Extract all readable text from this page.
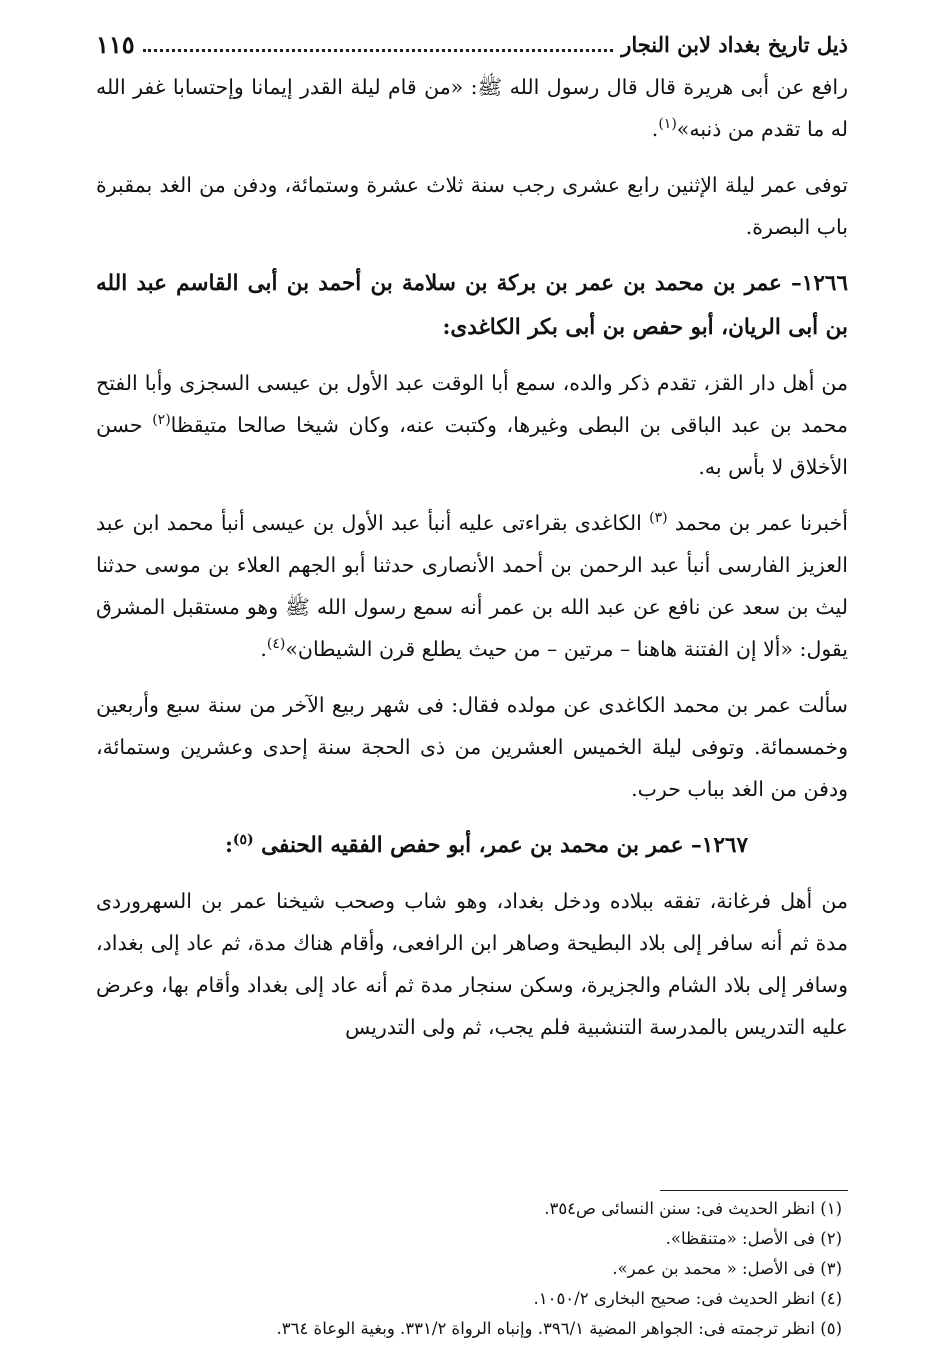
ذيل تاريخ بغداد لابن النجار
١١٥

رافع عن أبى هريرة قال قال رسول الله ﷺ: «من قام ليلة القدر إيمانا وإحتسابا غفر الله له ما تقدم من ذنبه»$^{(١)}$.

توفى عمر ليلة الإثنين رابع عشرى رجب سنة ثلاث عشرة وستمائة، ودفن من الغد بمقبرة باب البصرة.

١٢٦٦– عمر بن محمد بن عمر بن بركة بن سلامة بن أحمد بن أبى القاسم عبد الله بن أبى الريان، أبو حفص بن أبى بكر الكاغدى:

من أهل دار القز، تقدم ذكر والده، سمع أبا الوقت عبد الأول بن عيسى السجزى وأبا الفتح محمد بن عبد الباقى بن البطى وغيرها، وكتبت عنه، وكان شيخا صالحا متيقظا$^{(٢)}$ حسن الأخلاق لا بأس به.

أخبرنا عمر بن محمد $^{(٣)}$ الكاغدى بقراءتى عليه أنبأ عبد الأول بن عيسى أنبأ محمد ابن عبد العزيز الفارسى أنبأ عبد الرحمن بن أحمد الأنصارى حدثنا أبو الجهم العلاء بن موسى حدثنا ليث بن سعد عن نافع عن عبد الله بن عمر أنه سمع رسول الله ﷺ وهو مستقبل المشرق يقول: «ألا إن الفتنة هاهنا – مرتين – من حيث يطلع قرن الشيطان»$^{(٤)}$.

سألت عمر بن محمد الكاغدى عن مولده فقال: فى شهر ربيع الآخر من سنة سبع وأربعين وخمسمائة. وتوفى ليلة الخميس العشرين من ذى الحجة سنة إحدى وعشرين وستمائة، ودفن من الغد بباب حرب.

١٢٦٧– عمر بن محمد بن عمر، أبو حفص الفقيه الحنفى $^{(٥)}$:

من أهل فرغانة، تفقه ببلاده ودخل بغداد، وهو شاب وصحب شيخنا عمر بن السهروردى مدة ثم أنه سافر إلى بلاد البطيحة وصاهر ابن الرافعى، وأقام هناك مدة، ثم عاد إلى بغداد، وسافر إلى بلاد الشام والجزيرة، وسكن سنجار مدة ثم أنه عاد إلى بغداد وأقام بها، وعرض عليه التدريس بالمدرسة التنشبية فلم يجب، ثم ولى التدريس

(١) انظر الحديث فى: سنن النسائى ص٣٥٤.
(٢) فى الأصل: «متنقظا».
(٣) فى الأصل: « محمد بن عمر».
(٤) انظر الحديث فى: صحيح البخارى ١٠٥٠/٢.
(٥) انظر ترجمته فى: الجواهر المضية ٣٩٦/١. وإنباه الرواة ٣٣١/٢. وبغية الوعاة ٣٦٤.
